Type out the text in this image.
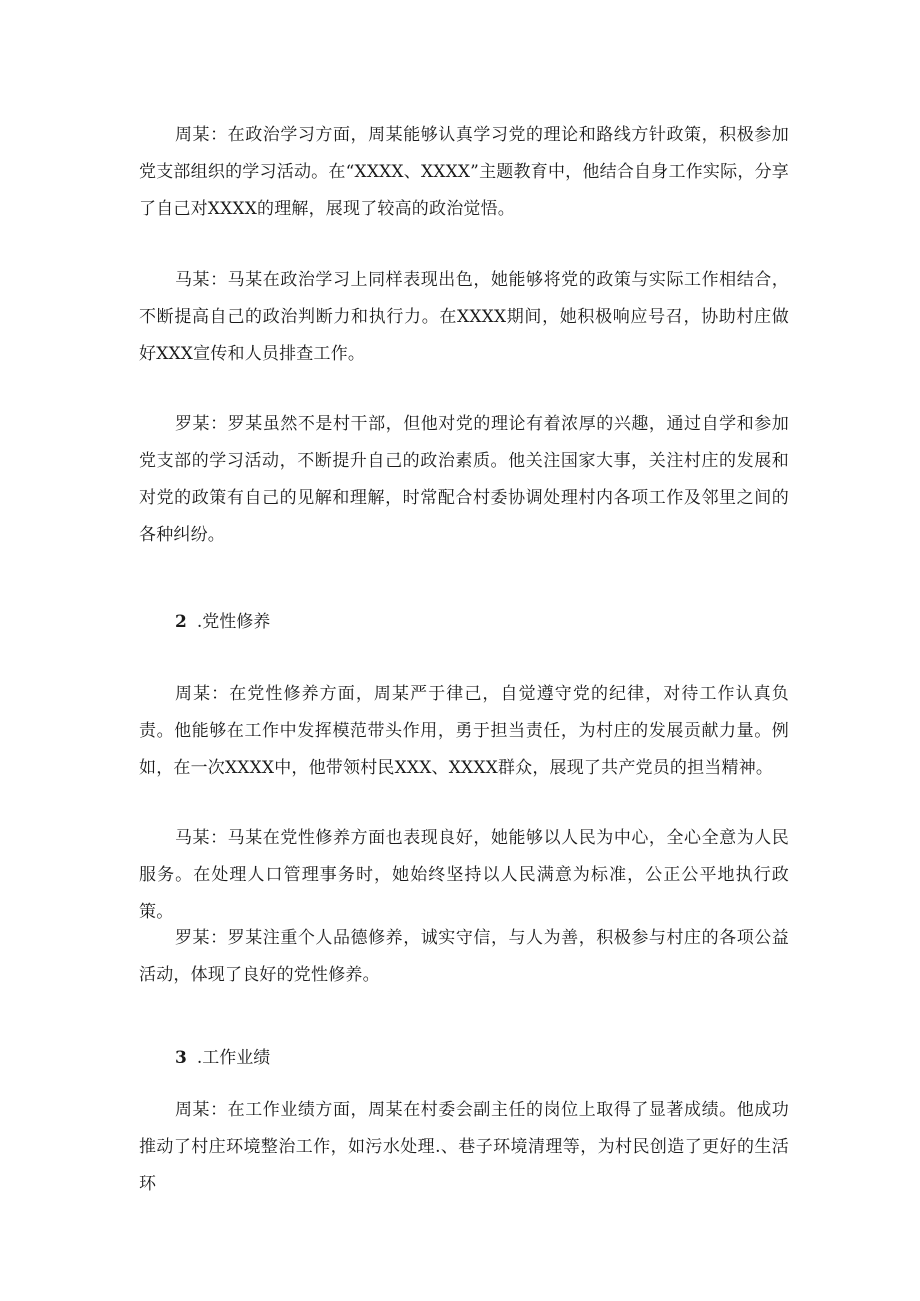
周某：在政治学习方面，周某能够认真学习党的理论和路线方针政策，积极参加党支部组织的学习活动。在“XXXX、XXXX”主题教育中，他结合自身工作实际，分享了自己对XXXX的理解，展现了较高的政治觉悟。

马某：马某在政治学习上同样表现出色，她能够将党的政策与实际工作相结合，不断提高自己的政治判断力和执行力。在XXXX期间，她积极响应号召，协助村庄做好XXX宣传和人员排查工作。

罗某：罗某虽然不是村干部，但他对党的理论有着浓厚的兴趣，通过自学和参加党支部的学习活动，不断提升自己的政治素质。他关注国家大事，关注村庄的发展和对党的政策有自己的见解和理解，时常配合村委协调处理村内各项工作及邻里之间的各种纠纷。

2 .党性修养

周某：在党性修养方面，周某严于律己，自觉遵守党的纪律，对待工作认真负责。他能够在工作中发挥模范带头作用，勇于担当责任，为村庄的发展贡献力量。例如，在一次XXXX中，他带领村民XXX、XXXX群众，展现了共产党员的担当精神。

马某：马某在党性修养方面也表现良好，她能够以人民为中心，全心全意为人民服务。在处理人口管理事务时，她始终坚持以人民满意为标准，公正公平地执行政策。

罗某：罗某注重个人品德修养，诚实守信，与人为善，积极参与村庄的各项公益活动，体现了良好的党性修养。

3 .工作业绩

周某：在工作业绩方面，周某在村委会副主任的岗位上取得了显著成绩。他成功推动了村庄环境整治工作，如污水处理.、巷子环境清理等，为村民创造了更好的生活环
